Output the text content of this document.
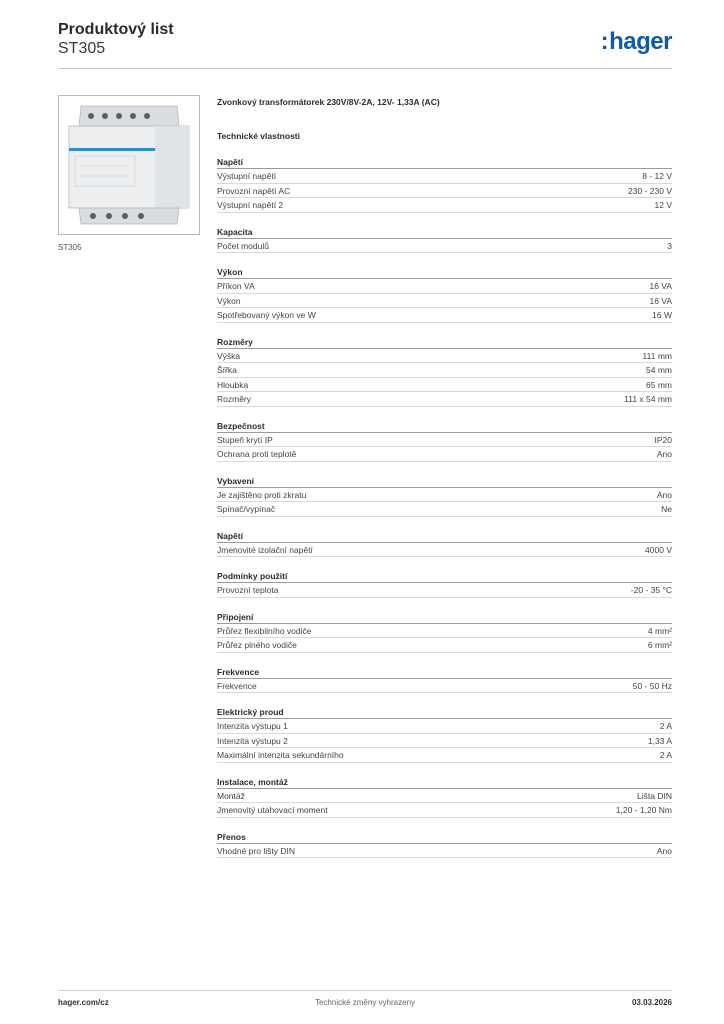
Produktový list
ST305	:hager
ST305
Zvonkový transformátorek 230V/8V-2A, 12V- 1,33A (AC)
Technické vlastnosti
Napětí
Výstupní napětí	8 - 12 V
Provozní napětí AC	230 - 230 V
Výstupní napětí 2	12 V
Kapacita
Počet modulů	3
Výkon
Příkon VA	16 VA
Výkon	16 VA
Spotřebovaný výkon ve W	16 W
Rozměry
Výška	111 mm
Šířka	54 mm
Hloubka	65 mm
Rozměry	111 x 54 mm
Bezpečnost
Stupeň krytí IP	IP20
Ochrana proti teplotě	Ano
Vybavení
Je zajištěno proti zkratu	Ano
Spínač/vypínač	Ne
Napětí
Jmenovité izolační napětí	4000 V
Podmínky použití
Provozní teplota	-20 - 35 °C
Připojení
Průřez flexibilního vodiče	4 mm²
Průřez plného vodiče	6 mm²
Frekvence
Frekvence	50 - 50 Hz
Elektrický proud
Intenzita výstupu 1	2 A
Intenzita výstupu 2	1,33 A
Maximální intenzita sekundárního	2 A
Instalace, montáž
Montáž	Lišta DIN
Jmenovitý utahovací moment	1,20 - 1,20 Nm
Přenos
Vhodné pro lišty DIN	Ano
hager.com/cz	Technické změny vyhrazeny	03.03.2026
